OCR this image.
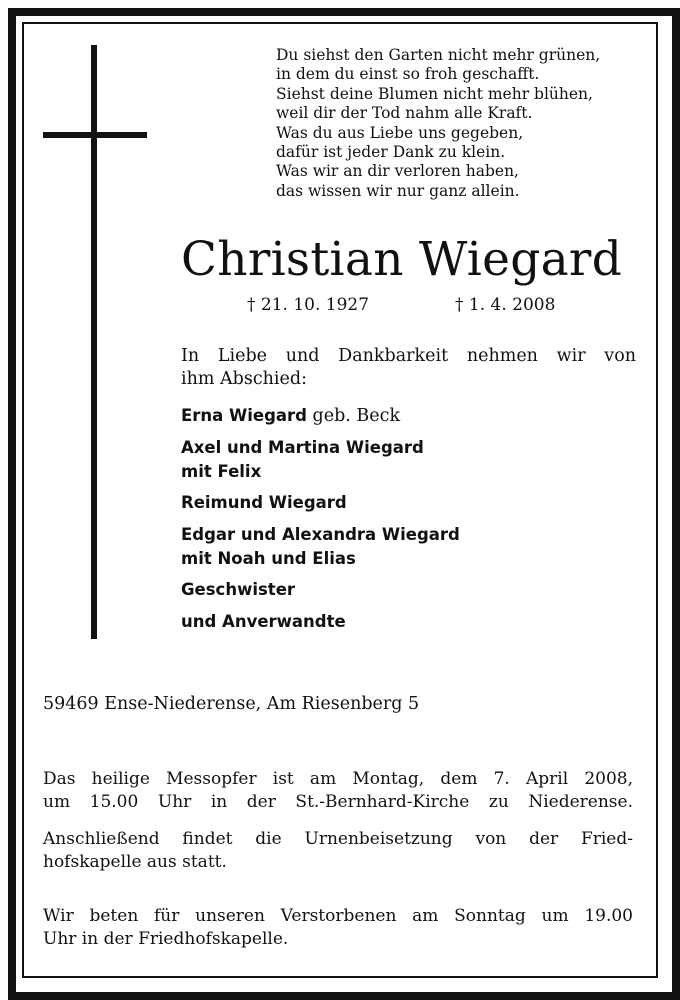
Du siehst den Garten nicht mehr grünen,
in dem du einst so froh geschafft.
Siehst deine Blumen nicht mehr blühen,
weil dir der Tod nahm alle Kraft.
Was du aus Liebe uns gegeben,
dafür ist jeder Dank zu klein.
Was wir an dir verloren haben,
das wissen wir nur ganz allein.
Christian Wiegard
† 21. 10. 1927	† 1. 4. 2008
In Liebe und Dankbarkeit nehmen wir von
ihm Abschied:
Erna Wiegard geb. Beck
Axel und Martina Wiegard
mit Felix
Reimund Wiegard
Edgar und Alexandra Wiegard
mit Noah und Elias
Geschwister
und Anverwandte
59469 Ense-Niederense, Am Riesenberg 5
Das heilige Messopfer ist am Montag, dem 7. April 2008,
um 15.00 Uhr in der St.-Bernhard-Kirche zu Niederense.
Anschließend findet die Urnenbeisetzung von der Fried-
hofskapelle aus statt.
Wir beten für unseren Verstorbenen am Sonntag um 19.00
Uhr in der Friedhofskapelle.
